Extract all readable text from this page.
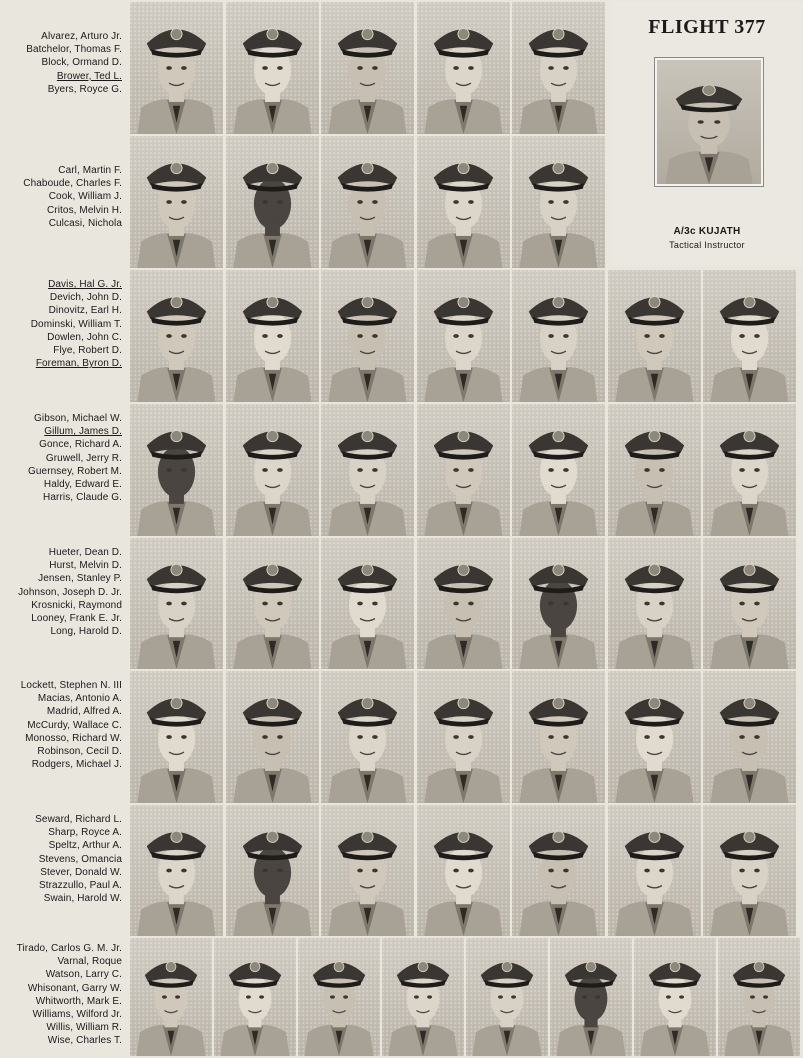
Alvarez, Arturo Jr.
Batchelor, Thomas F.
Block, Ormand D.
Brower, Ted L.
Byers, Royce G.
Carl, Martin F.
Chaboude, Charles F.
Cook, William J.
Critos, Melvin H.
Culcasi, Nichola
Davis, Hal G. Jr.
Devich, John D.
Dinovitz, Earl H.
Dominski, William T.
Dowlen, John C.
Flye, Robert D.
Foreman, Byron D.
Gibson, Michael W.
Gillum, James D.
Gonce, Richard A.
Gruwell, Jerry R.
Guernsey, Robert M.
Haldy, Edward E.
Harris, Claude G.
Hueter, Dean D.
Hurst, Melvin D.
Jensen, Stanley P.
Johnson, Joseph D. Jr.
Krosnicki, Raymond
Looney, Frank E. Jr.
Long, Harold D.
Lockett, Stephen N. III
Macias, Antonio A.
Madrid, Alfred A.
McCurdy, Wallace C.
Monosso, Richard W.
Robinson, Cecil D.
Rodgers, Michael J.
Seward, Richard L.
Sharp, Royce A.
Speltz, Arthur A.
Stevens, Omancia
Stever, Donald W.
Strazzullo, Paul A.
Swain, Harold W.
Tirado, Carlos G. M. Jr.
Varnal, Roque
Watson, Larry C.
Whisonant, Garry W.
Whitworth, Mark E.
Williams, Wilford Jr.
Willis, William R.
Wise, Charles T.
FLIGHT 377
A/3c KUJATH
Tactical Instructor
